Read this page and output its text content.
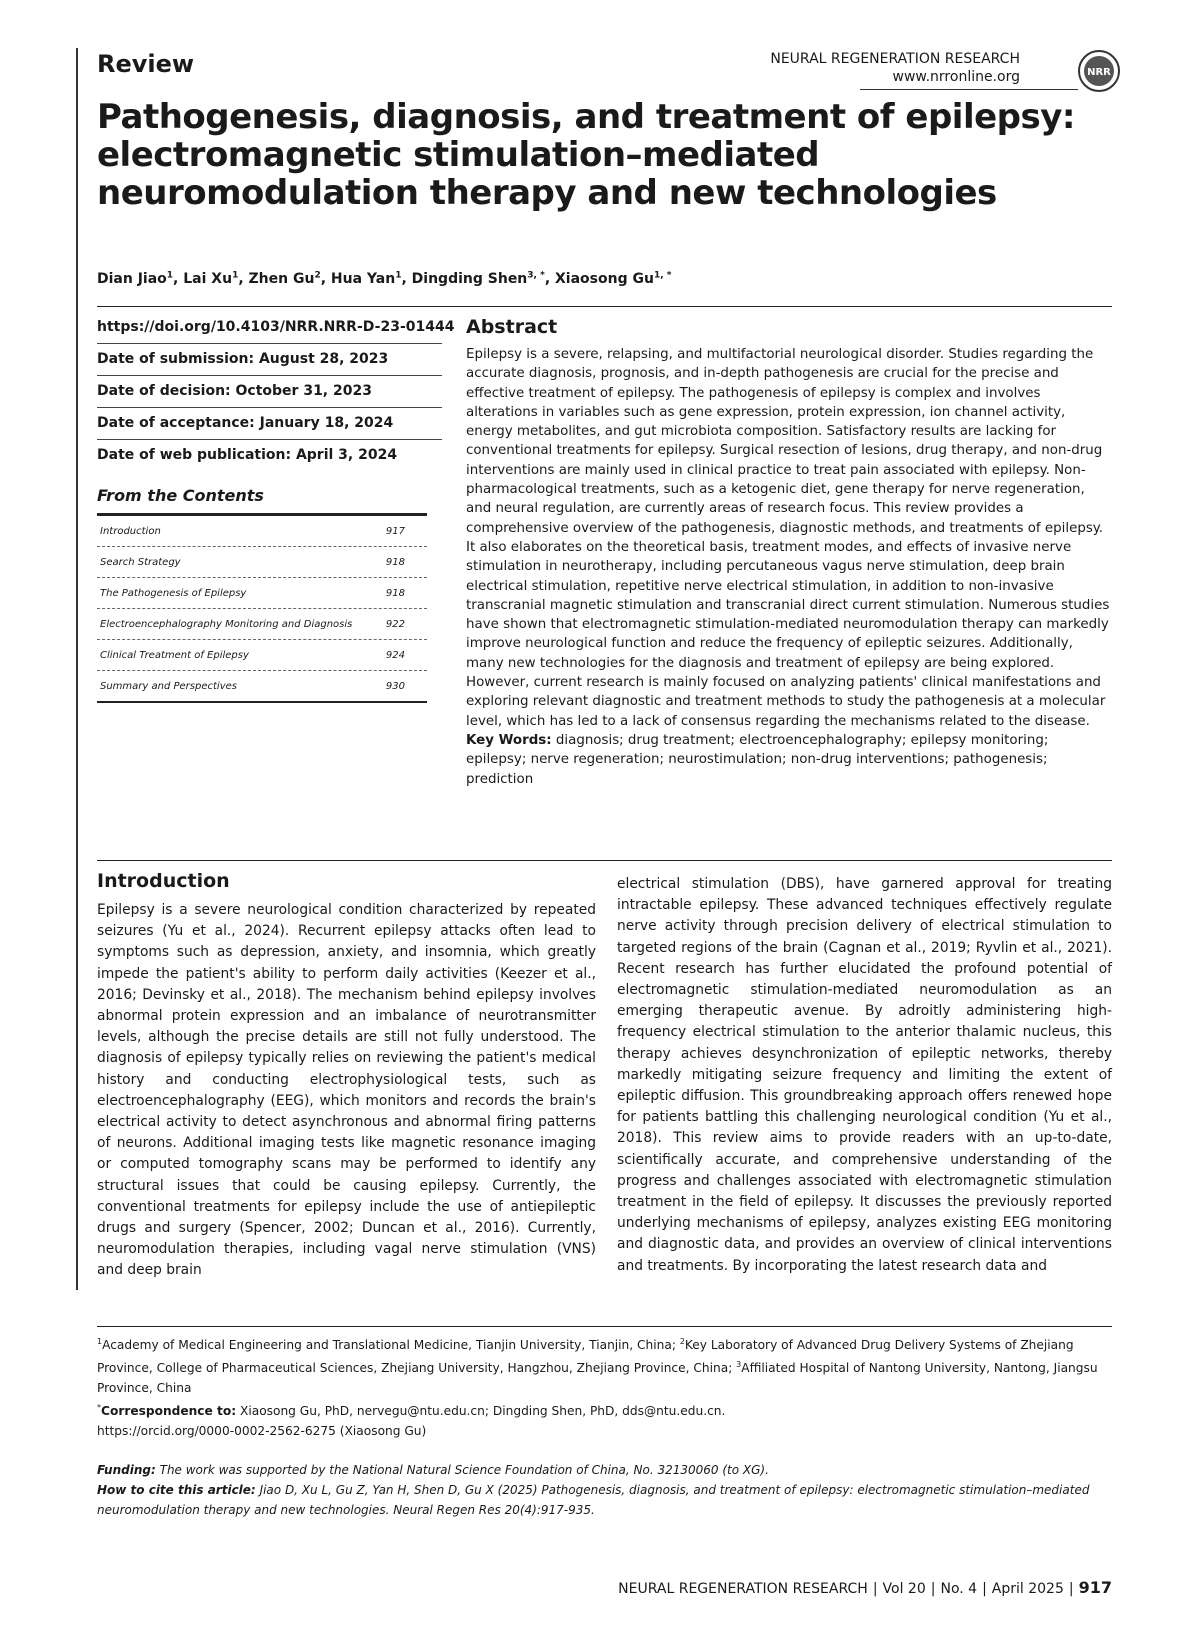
Review	NEURAL REGENERATION RESEARCH
www.nrronline.org	NRR
Pathogenesis, diagnosis, and treatment of epilepsy: electromagnetic stimulation–mediated neuromodulation therapy and new technologies
Dian Jiao$^1$, Lai Xu$^1$, Zhen Gu$^2$, Hua Yan$^1$, Dingding Shen$^{3, *}$, Xiaosong $Gu^{1, *}$
https://doi.org/10.4103/NRR.NRR-D-23-01444
Date of submission: August 28, 2023
Date of decision: October 31, 2023
Date of acceptance: January 18, 2024
Date of web publication: April 3, 2024
From the Contents
Introduction	917
Search Strategy	918
The Pathogenesis of Epilepsy	918
Electroencephalography Monitoring and Diagnosis	922
Clinical Treatment of Epilepsy	924
Summary and Perspectives	930
Abstract
Epilepsy is a severe, relapsing, and multifactorial neurological disorder. Studies regarding the accurate diagnosis, prognosis, and in-depth pathogenesis are crucial for the precise and effective treatment of epilepsy. The pathogenesis of epilepsy is complex and involves alterations in variables such as gene expression, protein expression, ion channel activity, energy metabolites, and gut microbiota composition. Satisfactory results are lacking for conventional treatments for epilepsy. Surgical resection of lesions, drug therapy, and non-drug interventions are mainly used in clinical practice to treat pain associated with epilepsy. Non-pharmacological treatments, such as a ketogenic diet, gene therapy for nerve regeneration, and neural regulation, are currently areas of research focus. This review provides a comprehensive overview of the pathogenesis, diagnostic methods, and treatments of epilepsy. It also elaborates on the theoretical basis, treatment modes, and effects of invasive nerve stimulation in neurotherapy, including percutaneous vagus nerve stimulation, deep brain electrical stimulation, repetitive nerve electrical stimulation, in addition to non-invasive transcranial magnetic stimulation and transcranial direct current stimulation. Numerous studies have shown that electromagnetic stimulation-mediated neuromodulation therapy can markedly improve neurological function and reduce the frequency of epileptic seizures. Additionally, many new technologies for the diagnosis and treatment of epilepsy are being explored. However, current research is mainly focused on analyzing patients' clinical manifestations and exploring relevant diagnostic and treatment methods to study the pathogenesis at a molecular level, which has led to a lack of consensus regarding the mechanisms related to the disease.
Key Words: diagnosis; drug treatment; electroencephalography; epilepsy monitoring; epilepsy; nerve regeneration; neurostimulation; non-drug interventions; pathogenesis; prediction
Introduction
Epilepsy is a severe neurological condition characterized by repeated seizures (Yu et al., 2024). Recurrent epilepsy attacks often lead to symptoms such as depression, anxiety, and insomnia, which greatly impede the patient's ability to perform daily activities (Keezer et al., 2016; Devinsky et al., 2018). The mechanism behind epilepsy involves abnormal protein expression and an imbalance of neurotransmitter levels, although the precise details are still not fully understood. The diagnosis of epilepsy typically relies on reviewing the patient's medical history and conducting electrophysiological tests, such as electroencephalography (EEG), which monitors and records the brain's electrical activity to detect asynchronous and abnormal firing patterns of neurons. Additional imaging tests like magnetic resonance imaging or computed tomography scans may be performed to identify any structural issues that could be causing epilepsy. Currently, the conventional treatments for epilepsy include the use of antiepileptic drugs and surgery (Spencer, 2002; Duncan et al., 2016). Currently, neuromodulation therapies, including vagal nerve stimulation (VNS) and deep brain
electrical stimulation (DBS), have garnered approval for treating intractable epilepsy. These advanced techniques effectively regulate nerve activity through precision delivery of electrical stimulation to targeted regions of the brain (Cagnan et al., 2019; Ryvlin et al., 2021). Recent research has further elucidated the profound potential of electromagnetic stimulation-mediated neuromodulation as an emerging therapeutic avenue. By adroitly administering high-frequency electrical stimulation to the anterior thalamic nucleus, this therapy achieves desynchronization of epileptic networks, thereby markedly mitigating seizure frequency and limiting the extent of epileptic diffusion. This groundbreaking approach offers renewed hope for patients battling this challenging neurological condition (Yu et al., 2018). This review aims to provide readers with an up-to-date, scientifically accurate, and comprehensive understanding of the progress and challenges associated with electromagnetic stimulation treatment in the field of epilepsy. It discusses the previously reported underlying mechanisms of epilepsy, analyzes existing EEG monitoring and diagnostic data, and provides an overview of clinical interventions and treatments. By incorporating the latest research data and
$^1$Academy of Medical Engineering and Translational Medicine, Tianjin University, Tianjin, China; $^2$Key Laboratory of Advanced Drug Delivery Systems of Zhejiang Province, College of Pharmaceutical Sciences, Zhejiang University, Hangzhou, Zhejiang Province, China; $^3$Affiliated Hospital of Nantong University, Nantong, Jiangsu Province, China
*Correspondence to: Xiaosong Gu, PhD, nervegu@ntu.edu.cn; Dingding Shen, PhD, dds@ntu.edu.cn.
https://orcid.org/0000-0002-2562-6275 (Xiaosong Gu)
Funding: The work was supported by the National Natural Science Foundation of China, No. 32130060 (to XG).
How to cite this article: Jiao D, Xu L, Gu Z, Yan H, Shen D, Gu X (2025) Pathogenesis, diagnosis, and treatment of epilepsy: electromagnetic stimulation–mediated neuromodulation therapy and new technologies. Neural Regen Res 20(4):917-935.
NEURAL REGENERATION RESEARCH | Vol 20 | No. 4 | April 2025 | 917
